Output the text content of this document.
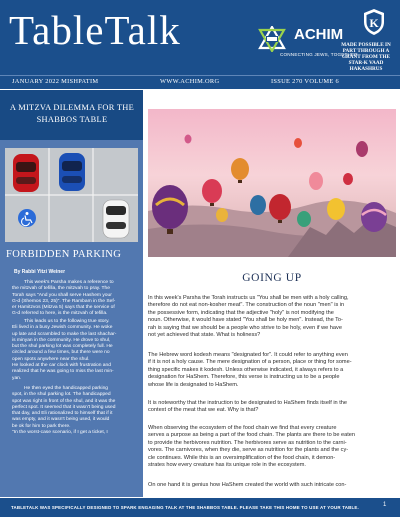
TableTalk	ACHIM
CONNECTING JEWS, TOGETHER
K
MADE POSSIBLE IN
PART THROUGH A
GRANT FROM THE
STAR-K VAAD
HAKASHRUS
JANUARY 2022 MISHPATIM	WWW.ACHIM.ORG	ISSUE 270 VOLUME 6
A MITZVA DILEMMA FOR THE
SHABBOS TABLE
FORBIDDEN PARKING
By Rabbi Yitzi Weiner
This week's Parsha makes a reference to
the mitzvah of tefilla, the mitzvah to pray. The
Torah says "And you shall serve Hashem your
G-d (Shemos 23, 25)". The Rambam in the Sef-
er Hamitzvos (Mitzva 5) says that the service of
G-d referred to here, is the mitzvah of tefilla.
This leads us to the following true story.
Eli lived in a busy Jewish community. He woke
up late and scrambled to make the last shachar-
is minyan in the community. He drove to shul,
but the shul parking lot was completely full. He
circled around a few times, but there were no
open spots anywhere near the shul.
He looked at the car clock with frustration and
realized that he was going to miss the last min-
yan.
He then eyed the handicapped parking
spot, in the shul parking lot. The handicapped
spot was right in front of the shul, and it was the
perfect spot. It seemed that it wasn't being used
that day, and Eli rationalized to himself that if it
was empty, and it wasn't being used, it would
be ok for him to park there.
"In the worst-case scenario, if I get a ticket, I
GOING UP
In this week's Parsha the Torah instructs us "You shall be men with a holy calling,
therefore do not eat non-kosher meat". The construction of the noun "men" is in
the possessive form, indicating that the adjective "holy" is not modifying the
noun. Otherwise, it would have stated "You shall be holy men". Instead, the To-
rah is saying that we should be a people who strive to be holy, even if we have
not yet achieved that state. What is holiness?
The Hebrew word kodesh means "designated for". It could refer to anything even
if it is not a holy cause. The mere designation of a person, place or thing for some-
thing specific makes it kodesh. Unless otherwise indicated, it always refers to a
designation for HaShem. Therefore, this verse is instructing us to be a people
whose life is designated to HaShem.
It is noteworthy that the instruction to be designated to HaShem finds itself in the
context of the meat that we eat. Why is that?
When observing the ecosystem of the food chain we find that every creature
serves a purpose as being a part of the food chain. The plants are there to be eaten
to provide the herbivores nutrition. The herbivores serve as nutrition to the carni-
vores. The carnivores, when they die, serve as nutrition for the plants and the cy-
cle continues. While this is an oversimplification of the food chain, it demon-
strates how every creature has its unique role in the ecosystem.
On one hand it is genius how HaShem created the world with such intricate con-
TABLETALK WAS SPECIFICALLY DESIGNED TO SPARK ENGAGING TALK AT THE SHABBOS TABLE. PLEASE TAKE THIS HOME TO USE AT YOUR TABLE.	1
